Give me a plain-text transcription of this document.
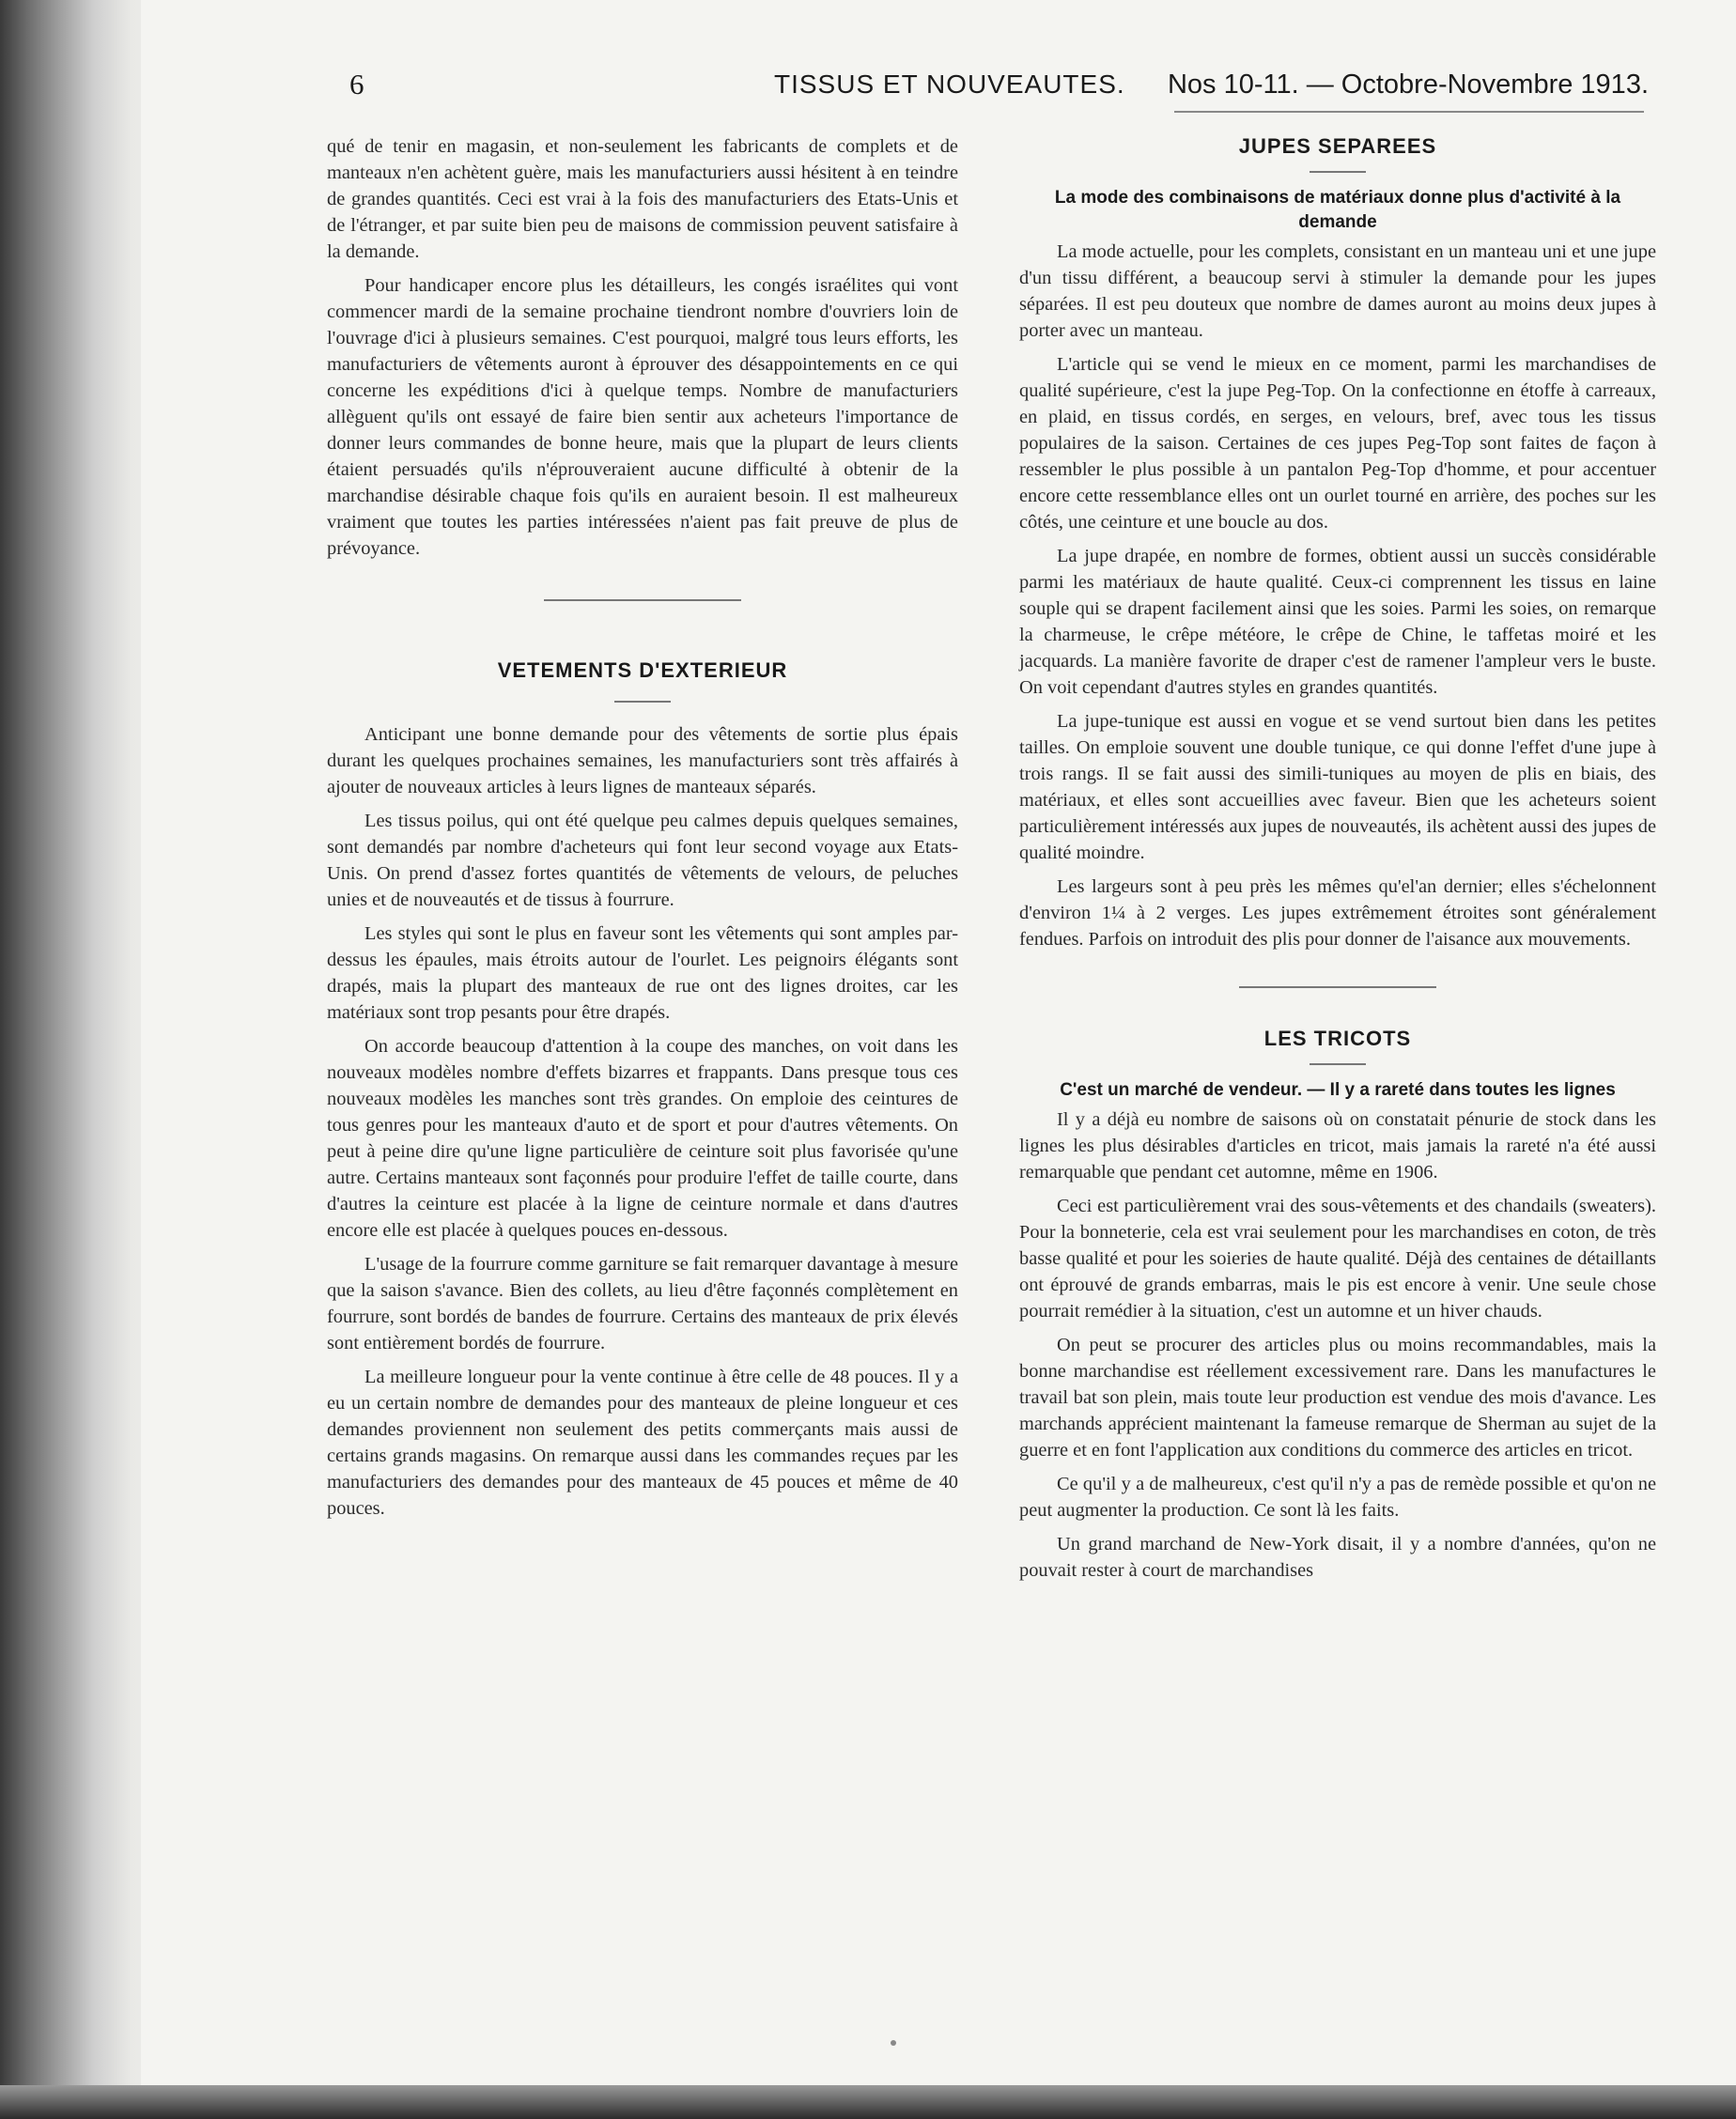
6	TISSUS ET NOUVEAUTES. Nos 10-11. — Octobre-Novembre 1913.

qué de tenir en magasin, et non-seulement les fabricants de complets et de manteaux n'en achètent guère, mais les manufacturiers aussi hésitent à en teindre de grandes quantités. Ceci est vrai à la fois des manufacturiers des Etats-Unis et de l'étranger, et par suite bien peu de maisons de commission peuvent satisfaire à la demande.

Pour handicaper encore plus les détailleurs, les congés israélites qui vont commencer mardi de la semaine prochaine tiendront nombre d'ouvriers loin de l'ouvrage d'ici à plusieurs semaines. C'est pourquoi, malgré tous leurs efforts, les manufacturiers de vêtements auront à éprouver des désappointements en ce qui concerne les expéditions d'ici à quelque temps. Nombre de manufacturiers allèguent qu'ils ont essayé de faire bien sentir aux acheteurs l'importance de donner leurs commandes de bonne heure, mais que la plupart de leurs clients étaient persuadés qu'ils n'éprouveraient aucune difficulté à obtenir de la marchandise désirable chaque fois qu'ils en auraient besoin. Il est malheureux vraiment que toutes les parties intéressées n'aient pas fait preuve de plus de prévoyance.

VETEMENTS D'EXTERIEUR

Anticipant une bonne demande pour des vêtements de sortie plus épais durant les quelques prochaines semaines, les manufacturiers sont très affairés à ajouter de nouveaux articles à leurs lignes de manteaux séparés.

Les tissus poilus, qui ont été quelque peu calmes depuis quelques semaines, sont demandés par nombre d'acheteurs qui font leur second voyage aux Etats-Unis. On prend d'assez fortes quantités de vêtements de velours, de peluches unies et de nouveautés et de tissus à fourrure.

Les styles qui sont le plus en faveur sont les vêtements qui sont amples par-dessus les épaules, mais étroits autour de l'ourlet. Les peignoirs élégants sont drapés, mais la plupart des manteaux de rue ont des lignes droites, car les matériaux sont trop pesants pour être drapés.

On accorde beaucoup d'attention à la coupe des manches, on voit dans les nouveaux modèles nombre d'effets bizarres et frappants. Dans presque tous ces nouveaux modèles les manches sont très grandes. On emploie des ceintures de tous genres pour les manteaux d'auto et de sport et pour d'autres vêtements. On peut à peine dire qu'une ligne particulière de ceinture soit plus favorisée qu'une autre. Certains manteaux sont façonnés pour produire l'effet de taille courte, dans d'autres la ceinture est placée à la ligne de ceinture normale et dans d'autres encore elle est placée à quelques pouces en-dessous.

L'usage de la fourrure comme garniture se fait remarquer davantage à mesure que la saison s'avance. Bien des collets, au lieu d'être façonnés complètement en fourrure, sont bordés de bandes de fourrure. Certains des manteaux de prix élevés sont entièrement bordés de fourrure.

La meilleure longueur pour la vente continue à être celle de 48 pouces. Il y a eu un certain nombre de demandes pour des manteaux de pleine longueur et ces demandes proviennent non seulement des petits commerçants mais aussi de certains grands magasins. On remarque aussi dans les commandes reçues par les manufacturiers des demandes pour des manteaux de 45 pouces et même de 40 pouces.

JUPES SEPAREES
La mode des combinaisons de matériaux donne plus d'activité à la demande

La mode actuelle, pour les complets, consistant en un manteau uni et une jupe d'un tissu différent, a beaucoup servi à stimuler la demande pour les jupes séparées. Il est peu douteux que nombre de dames auront au moins deux jupes à porter avec un manteau.

L'article qui se vend le mieux en ce moment, parmi les marchandises de qualité supérieure, c'est la jupe Peg-Top. On la confectionne en étoffe à carreaux, en plaid, en tissus cordés, en serges, en velours, bref, avec tous les tissus populaires de la saison. Certaines de ces jupes Peg-Top sont faites de façon à ressembler le plus possible à un pantalon Peg-Top d'homme, et pour accentuer encore cette ressemblance elles ont un ourlet tourné en arrière, des poches sur les côtés, une ceinture et une boucle au dos.

La jupe drapée, en nombre de formes, obtient aussi un succès considérable parmi les matériaux de haute qualité. Ceux-ci comprennent les tissus en laine souple qui se drapent facilement ainsi que les soies. Parmi les soies, on remarque la charmeuse, le crêpe météore, le crêpe de Chine, le taffetas moiré et les jacquards. La manière favorite de draper c'est de ramener l'ampleur vers le buste. On voit cependant d'autres styles en grandes quantités.

La jupe-tunique est aussi en vogue et se vend surtout bien dans les petites tailles. On emploie souvent une double tunique, ce qui donne l'effet d'une jupe à trois rangs. Il se fait aussi des simili-tuniques au moyen de plis en biais, des matériaux, et elles sont accueillies avec faveur. Bien que les acheteurs soient particulièrement intéressés aux jupes de nouveautés, ils achètent aussi des jupes de qualité moindre.

Les largeurs sont à peu près les mêmes qu'el'an dernier; elles s'échelonnent d'environ 1¼ à 2 verges. Les jupes extrêmement étroites sont généralement fendues. Parfois on introduit des plis pour donner de l'aisance aux mouvements.

LES TRICOTS
C'est un marché de vendeur. — Il y a rareté dans toutes les lignes

Il y a déjà eu nombre de saisons où on constatait pénurie de stock dans les lignes les plus désirables d'articles en tricot, mais jamais la rareté n'a été aussi remarquable que pendant cet automne, même en 1906.

Ceci est particulièrement vrai des sous-vêtements et des chandails (sweaters). Pour la bonneterie, cela est vrai seulement pour les marchandises en coton, de très basse qualité et pour les soieries de haute qualité. Déjà des centaines de détaillants ont éprouvé de grands embarras, mais le pis est encore à venir. Une seule chose pourrait remédier à la situation, c'est un automne et un hiver chauds.

On peut se procurer des articles plus ou moins recommandables, mais la bonne marchandise est réellement excessivement rare. Dans les manufactures le travail bat son plein, mais toute leur production est vendue des mois d'avance. Les marchands apprécient maintenant la fameuse remarque de Sherman au sujet de la guerre et en font l'application aux conditions du commerce des articles en tricot.

Ce qu'il y a de malheureux, c'est qu'il n'y a pas de remède possible et qu'on ne peut augmenter la production. Ce sont là les faits.

Un grand marchand de New-York disait, il y a nombre d'années, qu'on ne pouvait rester à court de marchandises
